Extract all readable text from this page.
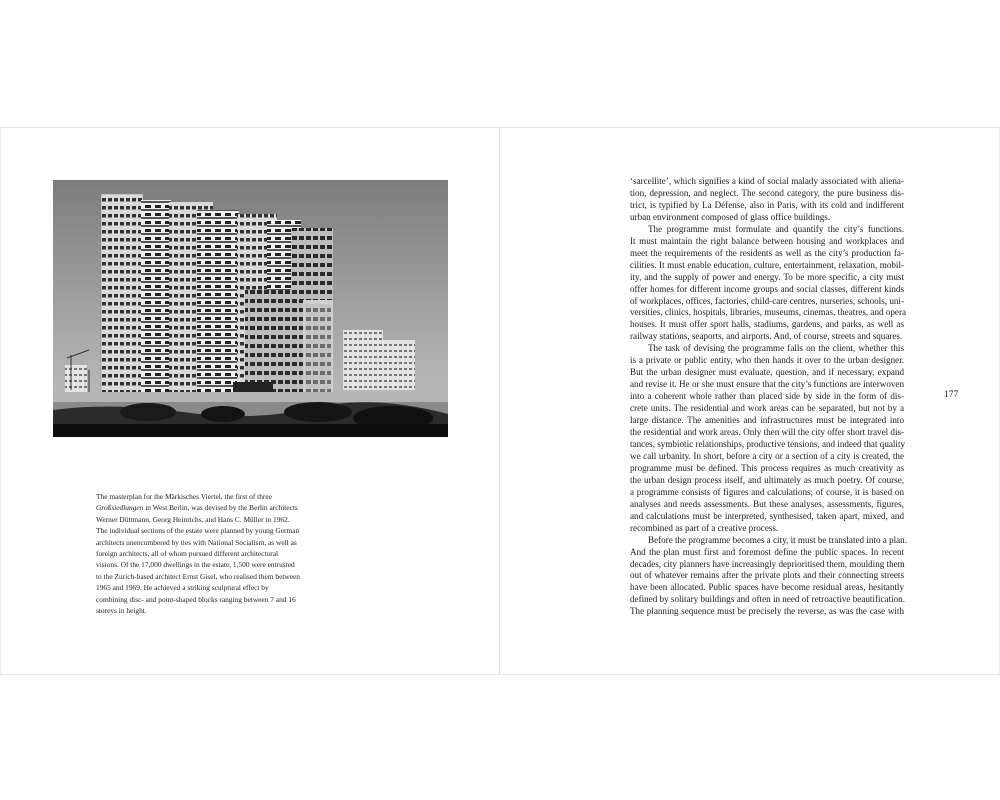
The masterplan for the Märkisches Viertel, the first of three Großsiedlungen in West Berlin, was devised by the Berlin architects Werner Düttmann, Georg Heinrichs, and Hans C. Müller in 1962. The individual sections of the estate were planned by young German architects unencumbered by ties with National Socialism, as well as foreign architects, all of whom pursued different architectural visions. Of the 17,000 dwellings in the estate, 1,500 were entrusted to the Zurich-based architect Ernst Gisel, who realised them between 1965 and 1969. He achieved a striking sculptural effect by combining disc- and point-shaped blocks ranging between 7 and 16 storeys in height.

‘sarcellite’, which signifies a kind of social malady associated with aliena-
tion, depression, and neglect. The second category, the pure business dis-
trict, is typified by La Défense, also in Paris, with its cold and indifferent
urban environment composed of glass office buildings.
The programme must formulate and quantify the city’s functions.
It must maintain the right balance between housing and workplaces and
meet the requirements of the residents as well as the city’s production fa-
cilities. It must enable education, culture, entertainment, relaxation, mobil-
ity, and the supply of power and energy. To be more specific, a city must
offer homes for different income groups and social classes, different kinds
of workplaces, offices, factories, child-care centres, nurseries, schools, uni-
versities, clinics, hospitals, libraries, museums, cinemas, theatres, and opera
houses. It must offer sport halls, stadiums, gardens, and parks, as well as
railway stations, seaports, and airports. And, of course, streets and squares.
The task of devising the programme falls on the client, whether this
is a private or public entity, who then hands it over to the urban designer.
But the urban designer must evaluate, question, and if necessary, expand
and revise it. He or she must ensure that the city’s functions are interwoven
into a coherent whole rather than placed side by side in the form of dis-
crete units. The residential and work areas can be separated, but not by a
large distance. The amenities and infrastructures must be integrated into
the residential and work areas. Only then will the city offer short travel dis-
tances, symbiotic relationships, productive tensions, and indeed that quality
we call urbanity. In short, before a city or a section of a city is created, the
programme must be defined. This process requires as much creativity as
the urban design process itself, and ultimately as much poetry. Of course,
a programme consists of figures and calculations; of course, it is based on
analyses and needs assessments. But these analyses, assessments, figures,
and calculations must be interpreted, synthesised, taken apart, mixed, and
recombined as part of a creative process.
Before the programme becomes a city, it must be translated into a plan.
And the plan must first and foremost define the public spaces. In recent
decades, city planners have increasingly deprioritised them, moulding them
out of whatever remains after the private plots and their connecting streets
have been allocated. Public spaces have become residual areas, hesitantly
defined by solitary buildings and often in need of retroactive beautification.
The planning sequence must be precisely the reverse, as was the case with
177
